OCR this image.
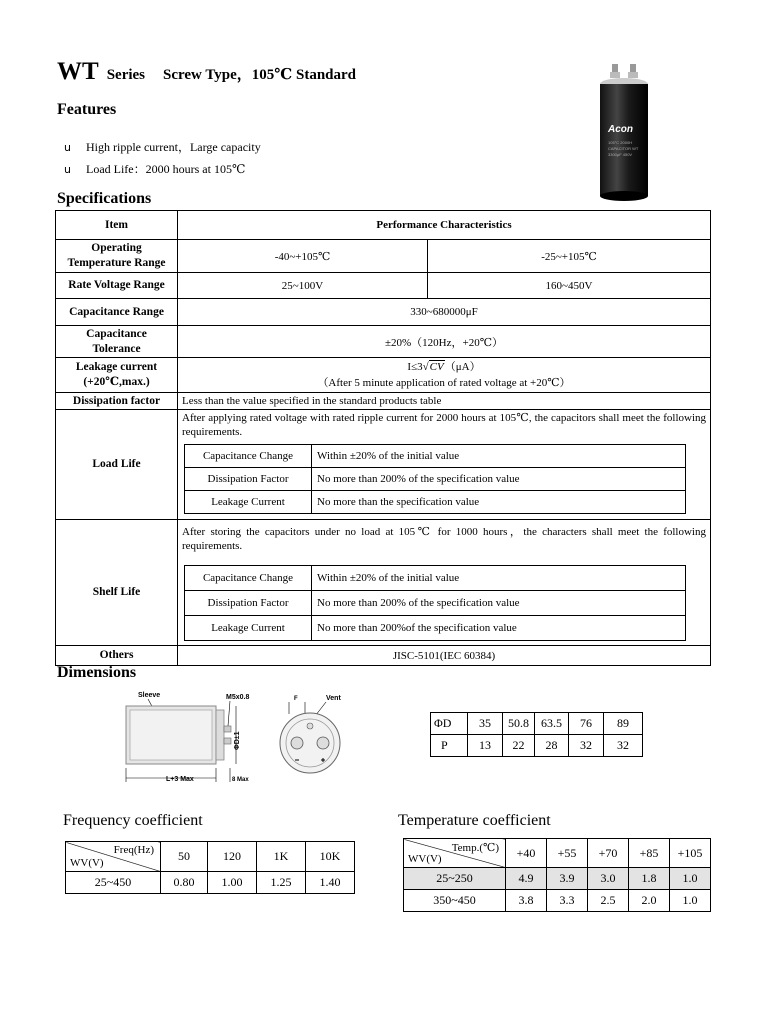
WT Series Screw Type，105℃ Standard
Features
u High ripple current，Large capacity
u Load Life：2000 hours at 105℃
Acon
105°C 2000H
CAPACITOR WT
3300μF 450V
Specifications
Item	Performance Characteristics
Operating
Temperature Range	-40~+105℃	-25~+105℃
Rate Voltage Range	25~100V	160~450V
Capacitance Range	330~680000μF
Capacitance
Tolerance	±20%（120Hz，+20℃）
Leakage current
(+20℃,max.)	
I≤3√CV（μA）
（After 5 minute application of rated voltage at +20℃）

Dissipation factor	Less than the value specified in the standard products table
Load Life	
After applying rated voltage with rated ripple current for 2000 hours at 105℃, the capacitors shall meet the following requirements.
Capacitance Change	Within ±20% of the initial value
Dissipation Factor	No more than 200% of the specification value
Leakage Current	No more than the specification value

Shelf Life	
After storing the capacitors under no load at 105℃ for 1000 hours，the characters shall meet the following requirements.
Capacitance Change	Within ±20% of the initial value
Dissipation Factor	No more than 200% of the specification value
Leakage Current	No more than 200%of the specification value

Others	JISC-5101(IEC 60384)
Dimensions
Sleeve	M5x0.8
ΦD±1
L+3 Max	8 Max
F	Vent
ΦD	35	50.8	63.5	76	89
P	13	22	28	32	32
Frequency coefficient
Freq(Hz)
WV(V)	50	120	1K	10K
25~450	0.80	1.00	1.25	1.40
Temperature coefficient
Temp.(℃)
WV(V)	+40	+55	+70	+85	+105
25~250	4.9	3.9	3.0	1.8	1.0
350~450	3.8	3.3	2.5	2.0	1.0
